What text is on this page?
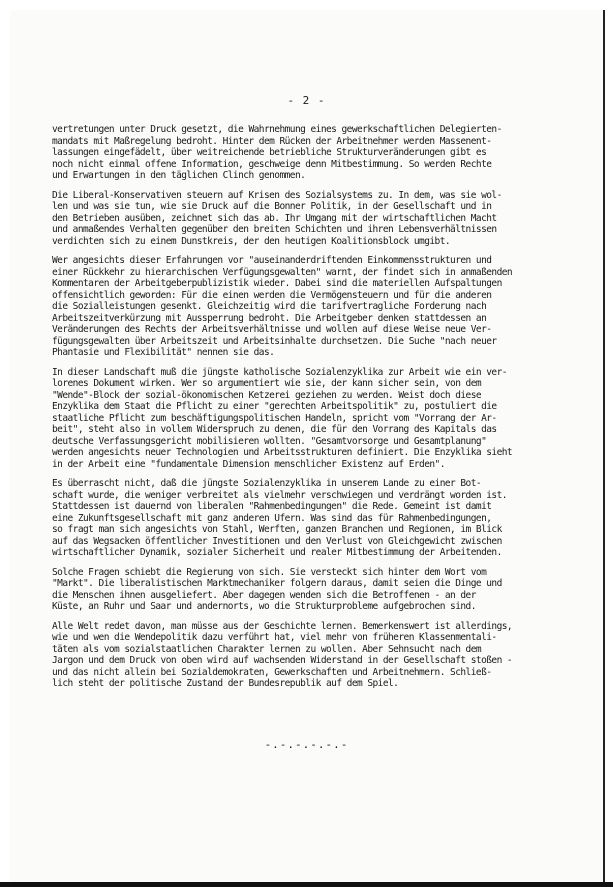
- 2 -
vertretungen unter Druck gesetzt, die Wahrnehmung eines gewerkschaftlichen Delegierten-
mandats mit Maßregelung bedroht. Hinter dem Rücken der Arbeitnehmer werden Massenent-
lassungen eingefädelt, über weitreichende betriebliche Strukturveränderungen gibt es
noch nicht einmal offene Information, geschweige denn Mitbestimmung. So werden Rechte
und Erwartungen in den täglichen Clinch genommen.
Die Liberal-Konservativen steuern auf Krisen des Sozialsystems zu. In dem, was sie wol-
len und was sie tun, wie sie Druck auf die Bonner Politik, in der Gesellschaft und in
den Betrieben ausüben, zeichnet sich das ab. Ihr Umgang mit der wirtschaftlichen Macht
und anmaßendes Verhalten gegenüber den breiten Schichten und ihren Lebensverhältnissen
verdichten sich zu einem Dunstkreis, der den heutigen Koalitionsblock umgibt.
Wer angesichts dieser Erfahrungen vor "auseinanderdriftenden Einkommensstrukturen und
einer Rückkehr zu hierarchischen Verfügungsgewalten" warnt, der findet sich in anmaßenden
Kommentaren der Arbeitgeberpublizistik wieder. Dabei sind die materiellen Aufspaltungen
offensichtlich geworden: Für die einen werden die Vermögensteuern und für die anderen
die Sozialleistungen gesenkt. Gleichzeitig wird die tarifvertragliche Forderung nach
Arbeitszeitverkürzung mit Aussperrung bedroht. Die Arbeitgeber denken stattdessen an
Veränderungen des Rechts der Arbeitsverhältnisse und wollen auf diese Weise neue Ver-
fügungsgewalten über Arbeitszeit und Arbeitsinhalte durchsetzen. Die Suche "nach neuer
Phantasie und Flexibilität" nennen sie das.
In dieser Landschaft muß die jüngste katholische Sozialenzyklika zur Arbeit wie ein ver-
lorenes Dokument wirken. Wer so argumentiert wie sie, der kann sicher sein, von dem
"Wende"-Block der sozial-ökonomischen Ketzerei geziehen zu werden. Weist doch diese
Enzyklika dem Staat die Pflicht zu einer "gerechten Arbeitspolitik" zu, postuliert die
staatliche Pflicht zum beschäftigungspolitischen Handeln, spricht vom "Vorrang der Ar-
beit", steht also in vollem Widerspruch zu denen, die für den Vorrang des Kapitals das
deutsche Verfassungsgericht mobilisieren wollten. "Gesamtvorsorge und Gesamtplanung"
werden angesichts neuer Technologien und Arbeitsstrukturen definiert. Die Enzyklika sieht
in der Arbeit eine "fundamentale Dimension menschlicher Existenz auf Erden".
Es überrascht nicht, daß die jüngste Sozialenzyklika in unserem Lande zu einer Bot-
schaft wurde, die weniger verbreitet als vielmehr verschwiegen und verdrängt worden ist.
Stattdessen ist dauernd von liberalen "Rahmenbedingungen" die Rede. Gemeint ist damit
eine Zukunftsgesellschaft mit ganz anderen Ufern. Was sind das für Rahmenbedingungen,
so fragt man sich angesichts von Stahl, Werften, ganzen Branchen und Regionen, im Blick
auf das Wegsacken öffentlicher Investitionen und den Verlust von Gleichgewicht zwischen
wirtschaftlicher Dynamik, sozialer Sicherheit und realer Mitbestimmung der Arbeitenden.
Solche Fragen schiebt die Regierung von sich. Sie versteckt sich hinter dem Wort vom
"Markt". Die liberalistischen Marktmechaniker folgern daraus, damit seien die Dinge und
die Menschen ihnen ausgeliefert. Aber dagegen wenden sich die Betroffenen - an der
Küste, an Ruhr und Saar und andernorts, wo die Strukturprobleme aufgebrochen sind.
Alle Welt redet davon, man müsse aus der Geschichte lernen. Bemerkenswert ist allerdings,
wie und wen die Wendepolitik dazu verführt hat, viel mehr von früheren Klassenmentali-
täten als vom sozialstaatlichen Charakter lernen zu wollen. Aber Sehnsucht nach dem
Jargon und dem Druck von oben wird auf wachsenden Widerstand in der Gesellschaft stoßen -
und das nicht allein bei Sozialdemokraten, Gewerkschaften und Arbeitnehmern. Schließ-
lich steht der politische Zustand der Bundesrepublik auf dem Spiel.
-.-.-.-.-.-
